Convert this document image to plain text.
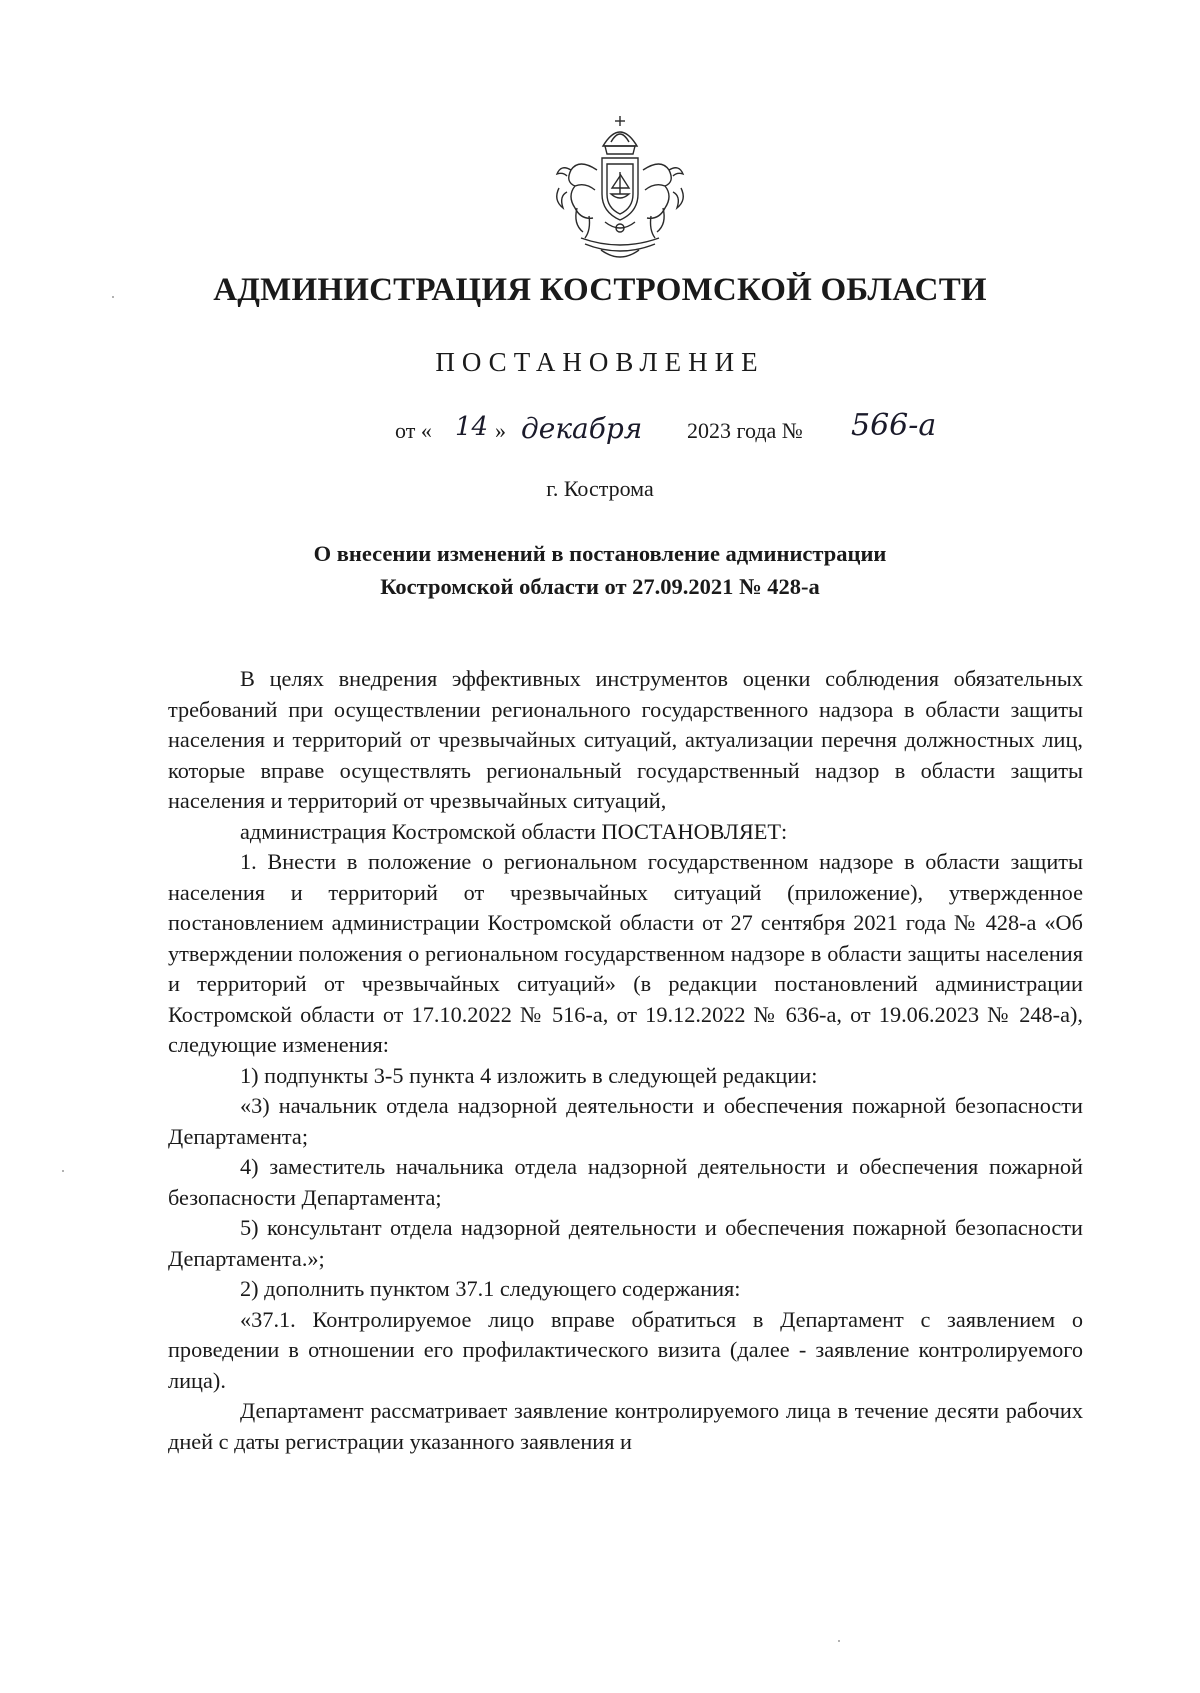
АДМИНИСТРАЦИЯ КОСТРОМСКОЙ ОБЛАСТИ
ПОСТАНОВЛЕНИЕ
от « 14 » декабря 2023 года № 566-а
г. Кострома
О внесении изменений в постановление администрации
Костромской области от 27.09.2021 № 428-а

В целях внедрения эффективных инструментов оценки соблюдения обязательных требований при осуществлении регионального государственного надзора в области защиты населения и территорий от чрезвычайных ситуаций, актуализации перечня должностных лиц, которые вправе осуществлять региональный государственный надзор в области защиты населения и территорий от чрезвычайных ситуаций,

администрация Костромской области ПОСТАНОВЛЯЕТ:

1. Внести в положение о региональном государственном надзоре в области защиты населения и территорий от чрезвычайных ситуаций (приложение), утвержденное постановлением администрации Костромской области от 27 сентября 2021 года № 428-а «Об утверждении положения о региональном государственном надзоре в области защиты населения и территорий от чрезвычайных ситуаций» (в редакции постановлений администрации Костромской области от 17.10.2022 № 516-а, от 19.12.2022 № 636-а, от 19.06.2023 № 248-а), следующие изменения:

1) подпункты 3-5 пункта 4 изложить в следующей редакции:

«3) начальник отдела надзорной деятельности и обеспечения пожарной безопасности Департамента;

4) заместитель начальника отдела надзорной деятельности и обеспечения пожарной безопасности Департамента;

5) консультант отдела надзорной деятельности и обеспечения пожарной безопасности Департамента.»;

2) дополнить пунктом 37.1 следующего содержания:

«37.1. Контролируемое лицо вправе обратиться в Департамент с заявлением о проведении в отношении его профилактического визита (далее - заявление контролируемого лица).

Департамент рассматривает заявление контролируемого лица в течение десяти рабочих дней с даты регистрации указанного заявления и
